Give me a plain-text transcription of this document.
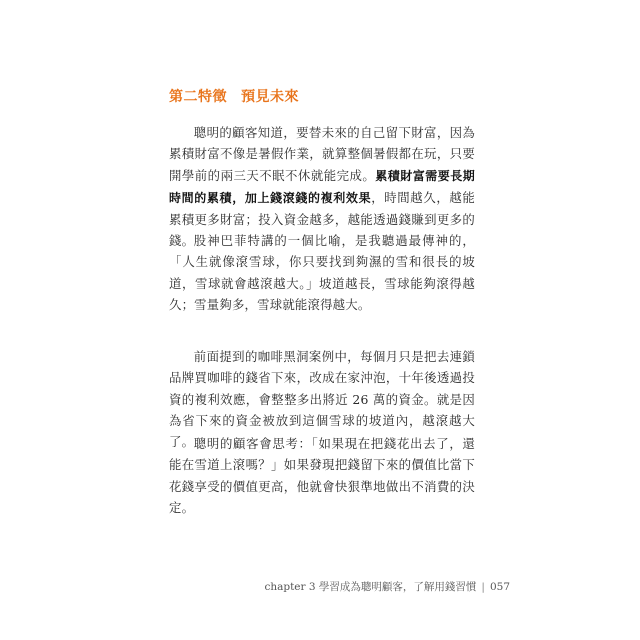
第二特徵 預見未來

聰明的顧客知道，要替未來的自己留下財富，因為累積財富不像是暑假作業，就算整個暑假都在玩，只要開學前的兩三天不眠不休就能完成。累積財富需要長期時間的累積，加上錢滾錢的複利效果，時間越久，越能累積更多財富；投入資金越多，越能透過錢賺到更多的錢。 股神巴菲特講的一個比喻，是我聽過最傳神的，「人生就像滾雪球，你只要找到夠濕的雪和很長的坡道，雪球就會越滾越大。」坡道越長，雪球能夠滾得越久；雪量夠多，雪球就能滾得越大。

前面提到的咖啡黑洞案例中，每個月只是把去連鎖品牌買咖啡的錢省下來，改成在家沖泡，十年後透過投資的複利效應，會整整多出將近 26 萬的資金。就是因為省下來的資金被放到這個雪球的坡道內，越滾越大了。 聰明的顧客會思考：「如果現在把錢花出去了，還能在雪道上滾嗎？」如果發現把錢留下來的價值比當下花錢享受的價值更高，他就會快狠準地做出不消費的決定。

chapter 3 學習成為聰明顧客，了解用錢習慣 | 057
